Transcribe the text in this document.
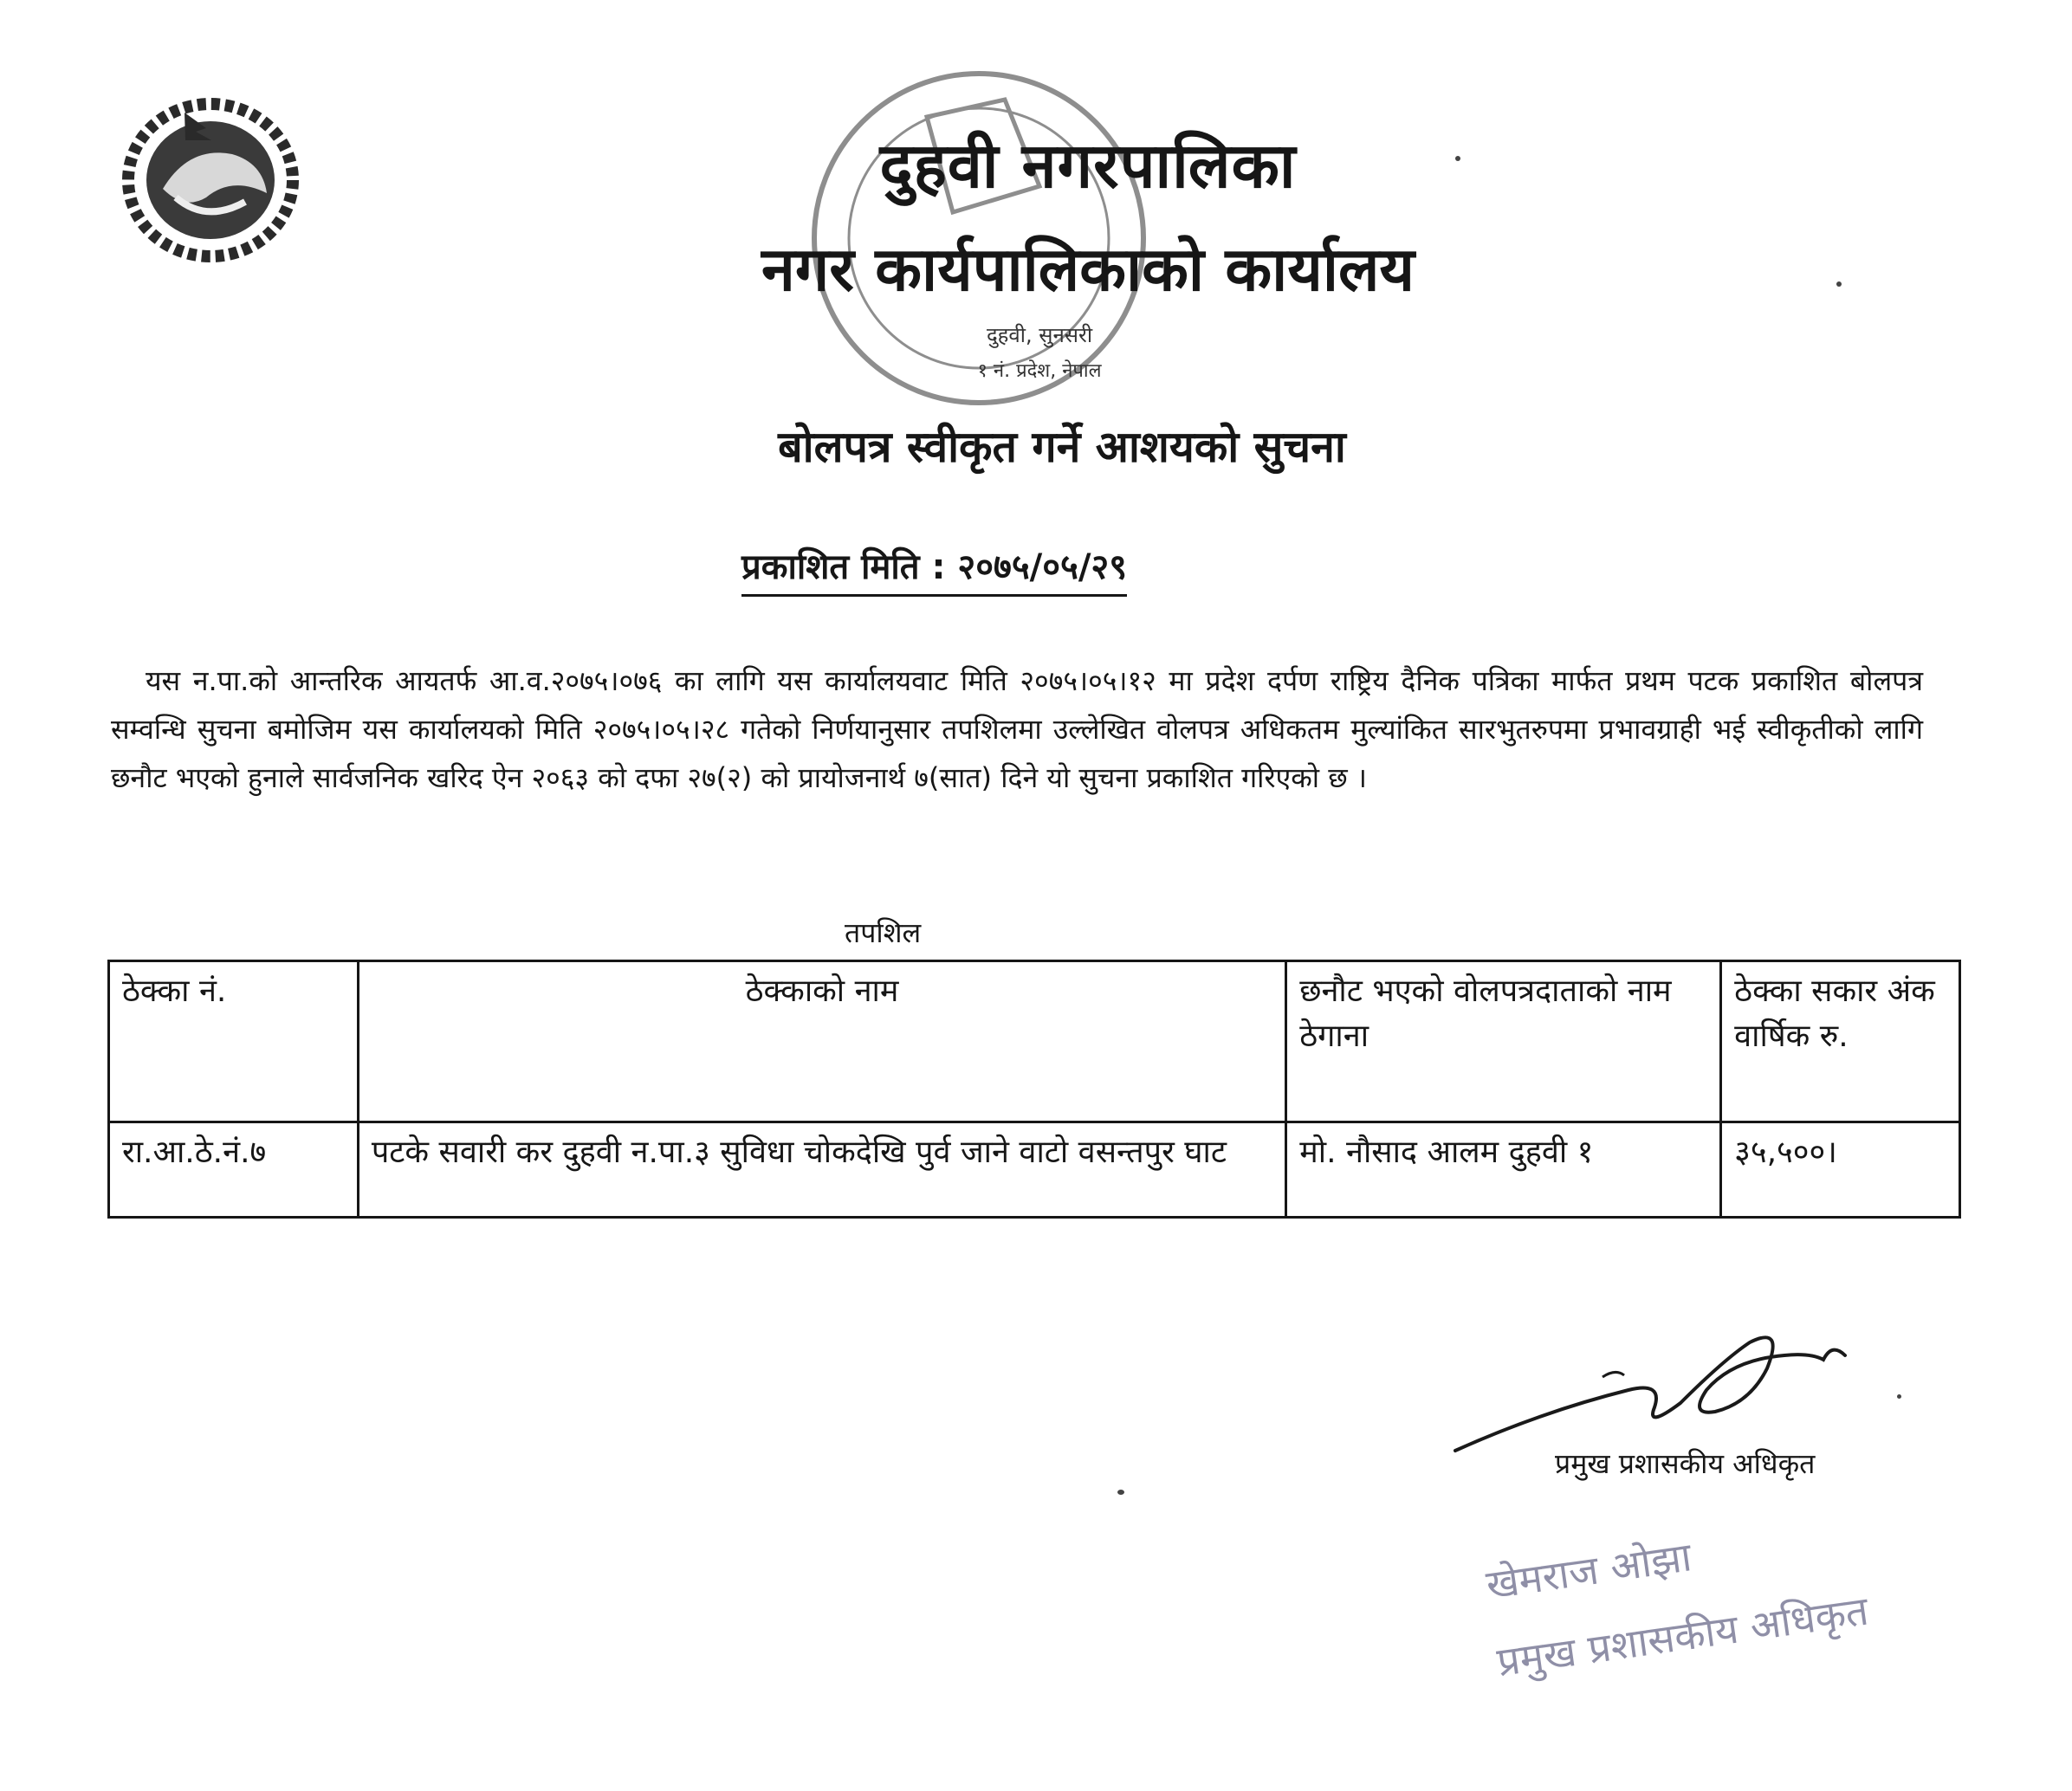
दुहवी नगरपालिका
नगर कार्यपालिकाको कार्यालय
दुहवी, सुनसरी
१ नं. प्रदेश, नेपाल
बोलपत्र स्वीकृत गर्ने आशयको सुचना
प्रकाशित मिति : २०७५/०५/२९
यस न.पा.को आन्तरिक आयतर्फ आ.व.२०७५।०७६ का लागि यस कार्यालयवाट मिति २०७५।०५।१२ मा प्रदेश दर्पण राष्ट्रिय दैनिक पत्रिका मार्फत प्रथम पटक प्रकाशित बोलपत्र सम्वन्धि सुचना बमोजिम यस कार्यालयको मिति २०७५।०५।२८ गतेको निर्णयानुसार तपशिलमा उल्लेखित वोलपत्र अधिकतम मुल्यांकित सारभुतरुपमा प्रभावग्राही भई स्वीकृतीको लागि छनौट भएको हुनाले सार्वजनिक खरिद ऐन २०६३ को दफा २७(२) को प्रायोजनार्थ ७(सात) दिने यो सुचना प्रकाशित गरिएको छ ।
तपशिल
ठेक्का नं.	ठेक्काको नाम	छनौट भएको वोलपत्रदाताको नाम ठेगाना	ठेक्का सकार अंक वार्षिक रु.
रा.आ.ठे.नं.७	पटके सवारी कर दुहवी न.पा.३ सुविधा चोकदेखि पुर्व जाने वाटो वसन्तपुर घाट	मो. नौसाद आलम दुहवी १	३५,५००।
प्रमुख प्रशासकीय अधिकृत
खेमराज ओझा
प्रमुख प्रशासकीय अधिकृत
